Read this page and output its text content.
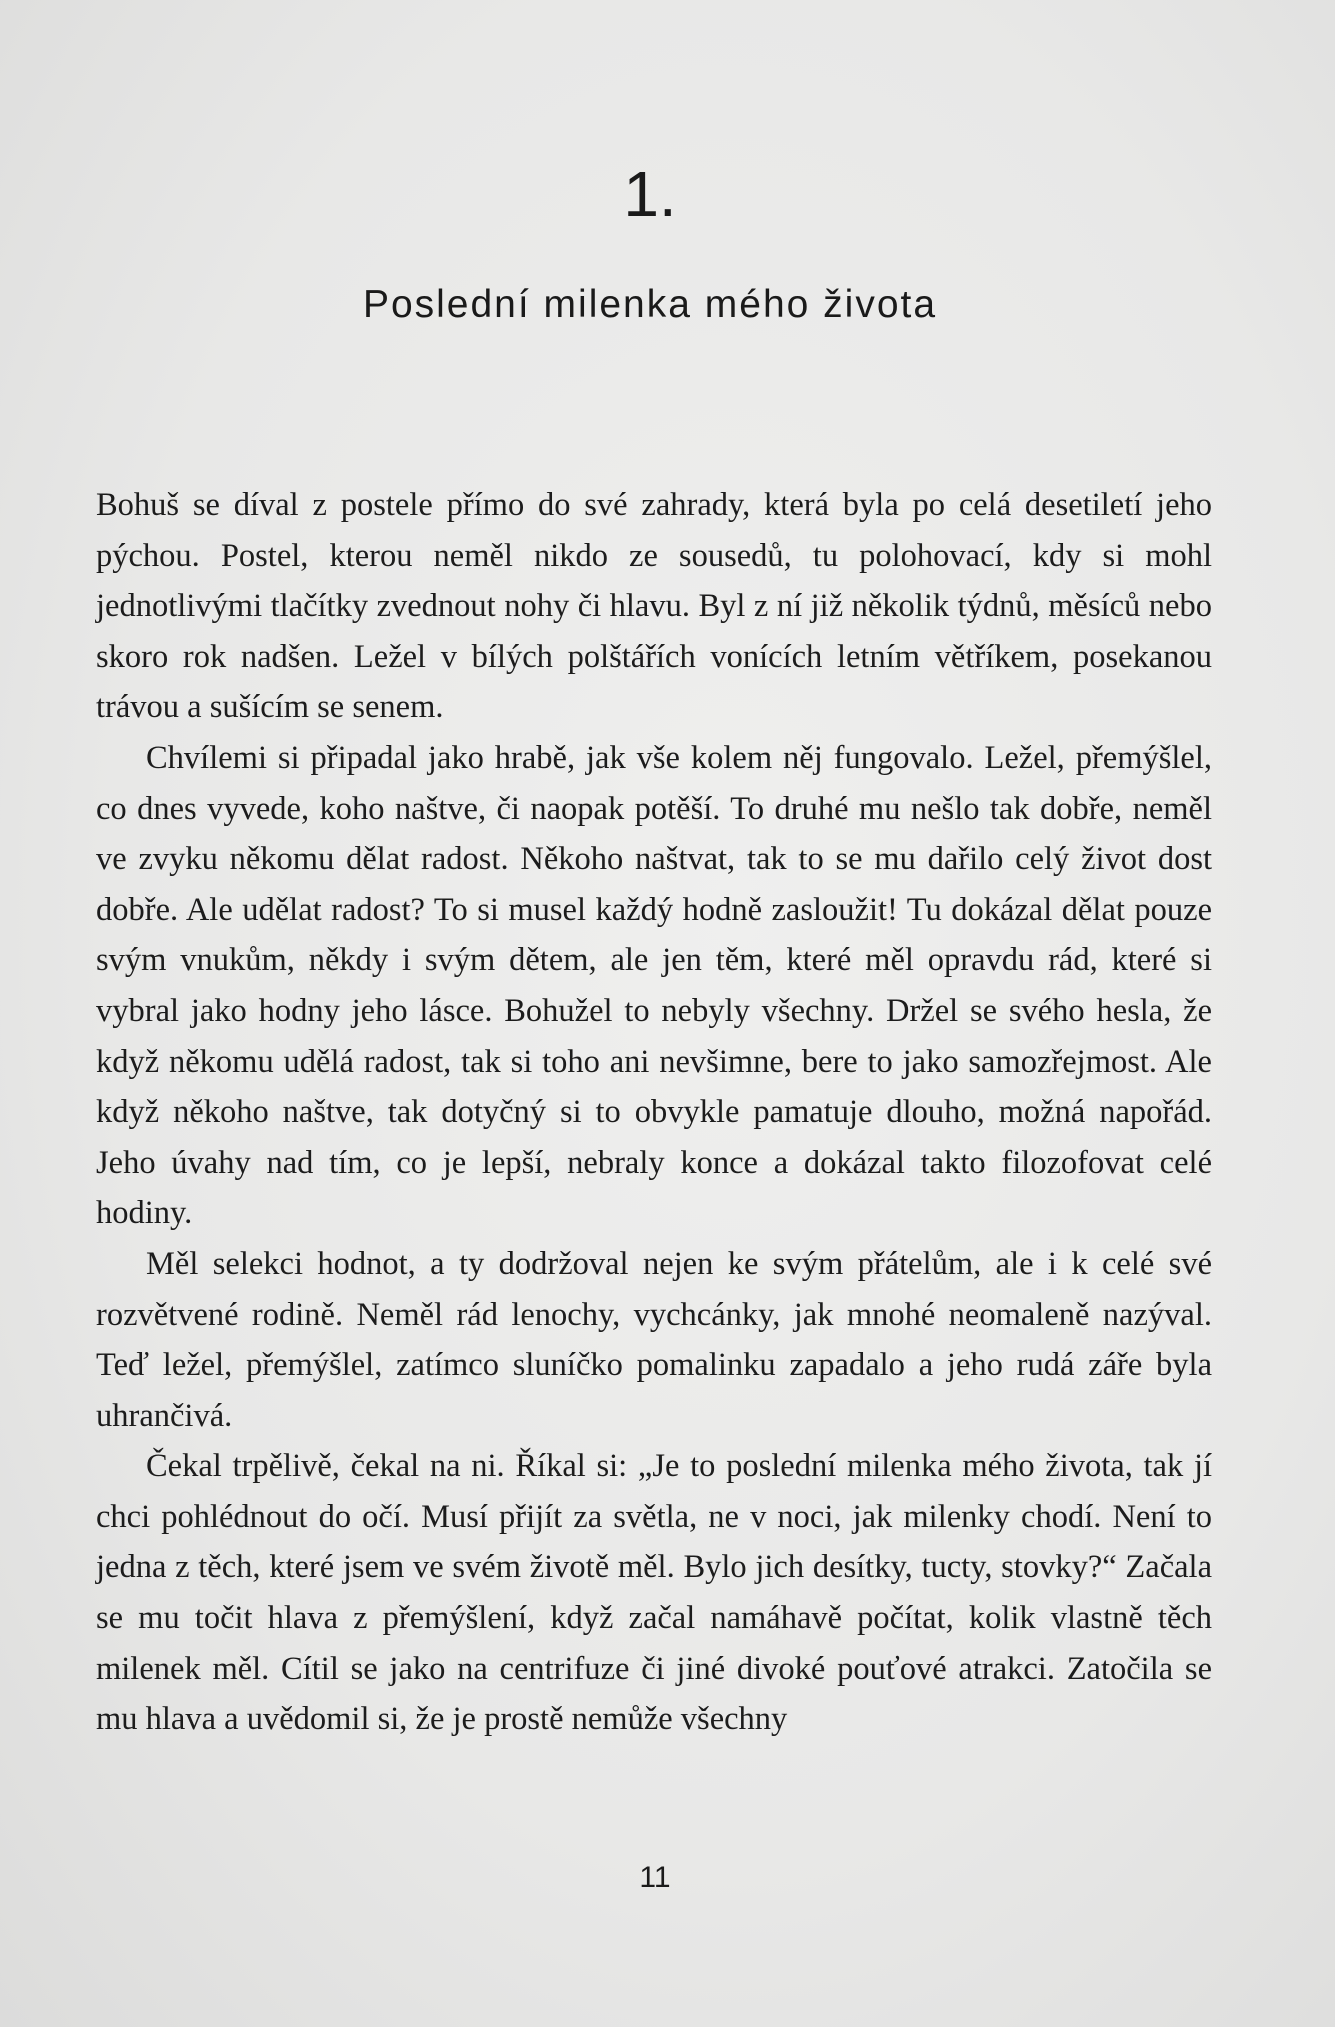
1.
Poslední milenka mého života

Bohuš se díval z postele přímo do své zahrady, která byla po celá desetiletí jeho pýchou. Postel, kterou neměl nikdo ze sousedů, tu polohovací, kdy si mohl jednotlivými tlačítky zvednout nohy či hlavu. Byl z ní již několik týdnů, měsíců nebo skoro rok nadšen. Ležel v bílých polštářích vonících letním větříkem, posekanou trávou a sušícím se senem.

Chvílemi si připadal jako hrabě, jak vše kolem něj fungovalo. Ležel, přemýšlel, co dnes vyvede, koho naštve, či naopak potěší. To druhé mu nešlo tak dobře, neměl ve zvyku někomu dělat radost. Někoho naštvat, tak to se mu dařilo celý život dost dobře. Ale udělat radost? To si musel každý hodně zasloužit! Tu dokázal dělat pouze svým vnukům, někdy i svým dětem, ale jen těm, které měl opravdu rád, které si vybral jako hodny jeho lásce. Bohužel to nebyly všechny. Držel se svého hesla, že když někomu udělá radost, tak si toho ani nevšimne, bere to jako samozřejmost. Ale když někoho naštve, tak dotyčný si to obvykle pamatuje dlouho, možná napořád. Jeho úvahy nad tím, co je lepší, nebraly konce a dokázal takto filozofovat celé hodiny.

Měl selekci hodnot, a ty dodržoval nejen ke svým přátelům, ale i k celé své rozvětvené rodině. Neměl rád lenochy, vychcánky, jak mnohé neomaleně nazýval. Teď ležel, přemýšlel, zatímco sluníčko pomalinku zapadalo a jeho rudá záře byla uhrančivá.

Čekal trpělivě, čekal na ni. Říkal si: „Je to poslední milenka mého života, tak jí chci pohlédnout do očí. Musí přijít za světla, ne v noci, jak milenky chodí. Není to jedna z těch, které jsem ve svém životě měl. Bylo jich desítky, tucty, stovky?“ Začala se mu točit hlava z přemýšlení, když začal namáhavě počítat, kolik vlastně těch milenek měl. Cítil se jako na centrifuze či jiné divoké pouťové atrakci. Zatočila se mu hlava a uvědomil si, že je prostě nemůže všechny

11
